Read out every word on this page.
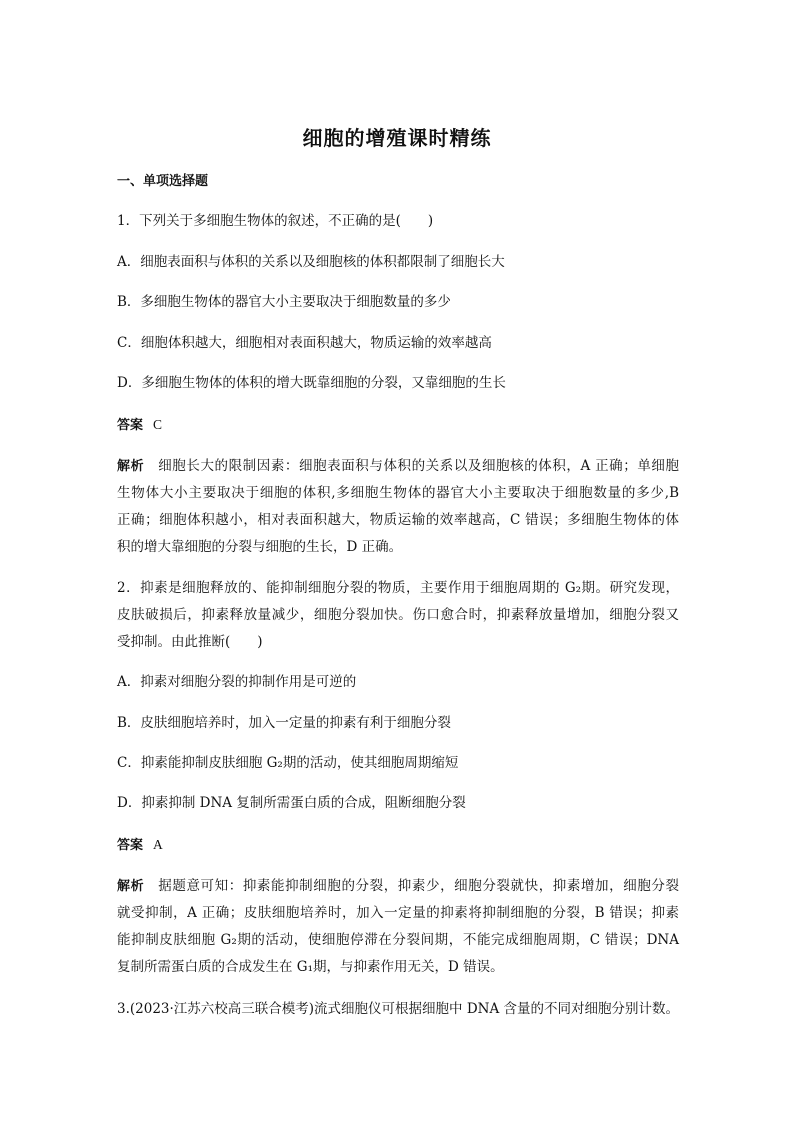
细胞的增殖课时精练
一、单项选择题
1．下列关于多细胞生物体的叙述，不正确的是(　　)
A．细胞表面积与体积的关系以及细胞核的体积都限制了细胞长大
B．多细胞生物体的器官大小主要取决于细胞数量的多少
C．细胞体积越大，细胞相对表面积越大，物质运输的效率越高
D．多细胞生物体的体积的增大既靠细胞的分裂，又靠细胞的生长
答案 C
解析　 细胞长大的限制因素：细胞表面积与体积的关系以及细胞核的体积，A 正确；单细胞
生物体大小主要取决于细胞的体积,多细胞生物体的器官大小主要取决于细胞数量的多少,B
正确；细胞体积越小，相对表面积越大，物质运输的效率越高，C 错误；多细胞生物体的体
积的增大靠细胞的分裂与细胞的生长，D 正确。
2．抑素是细胞释放的、能抑制细胞分裂的物质，主要作用于细胞周期的 G₂期。研究发现，
皮肤破损后，抑素释放量减少，细胞分裂加快。伤口愈合时，抑素释放量增加，细胞分裂又
受抑制。由此推断(　　)
A．抑素对细胞分裂的抑制作用是可逆的
B．皮肤细胞培养时，加入一定量的抑素有利于细胞分裂
C．抑素能抑制皮肤细胞 G₂期的活动，使其细胞周期缩短
D．抑素抑制 DNA 复制所需蛋白质的合成，阻断细胞分裂
答案 A
解析　 据题意可知：抑素能抑制细胞的分裂，抑素少，细胞分裂就快，抑素增加，细胞分裂
就受抑制，A 正确；皮肤细胞培养时，加入一定量的抑素将抑制细胞的分裂，B 错误；抑素
能抑制皮肤细胞 G₂期的活动，使细胞停滞在分裂间期，不能完成细胞周期，C 错误；DNA
复制所需蛋白质的合成发生在 G₁期，与抑素作用无关，D 错误。
3.(2023·江苏六校高三联合模考)流式细胞仪可根据细胞中 DNA 含量的不同对细胞分别计数。
